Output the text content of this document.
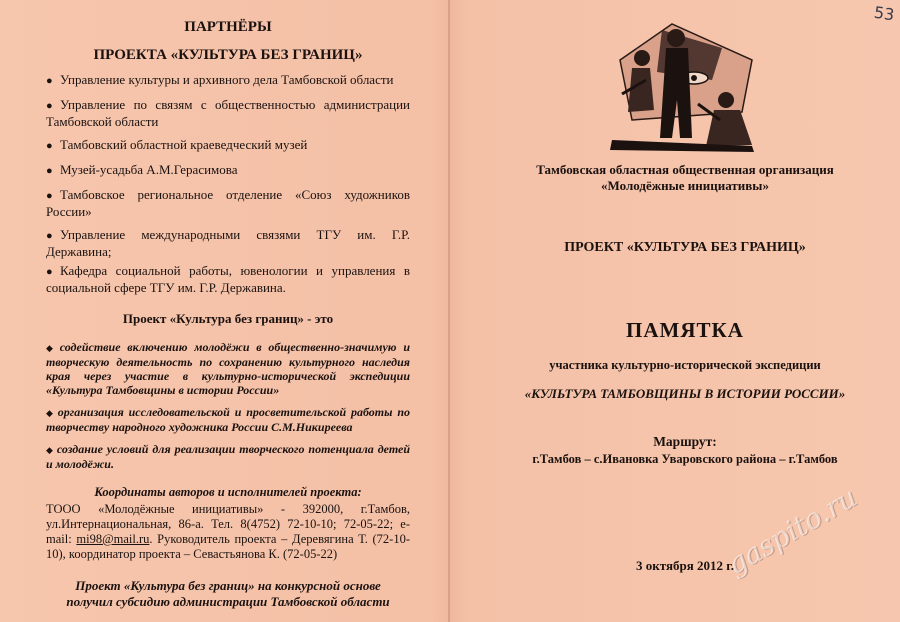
53
ПАРТНЁРЫ
ПРОЕКТА «КУЛЬТУРА БЕЗ ГРАНИЦ»
● Управление культуры и архивного дела Тамбовской области
● Управление по связям с общественностью администрации Тамбовской области
● Тамбовский областной краеведческий музей
● Музей-усадьба А.М.Герасимова
● Тамбовское региональное отделение «Союз художников России»
● Управление международными связями ТГУ им. Г.Р. Державина;
● Кафедра социальной работы, ювенологии и управления в социальной сфере ТГУ им. Г.Р. Державина.
Проект «Культура без границ» - это

◆ содействие включению молодёжи в общественно-значимую и творческую деятельность по сохранению культурного наследия края через участие в культурно-исторической экспедиции «Культура Тамбовщины в истории России»

◆ организация исследовательской и просветительской работы по творчеству народного художника России С.М.Никиреева

◆ создание условий для реализации творческого потенциала детей и молодёжи.

Координаты авторов и исполнителей проекта:

ТООО «Молодёжные инициативы» - 392000, г.Тамбов, ул.Интернациональная, 86-а. Тел. 8(4752) 72-10-10; 72-05-22; e-mail: mi98@mail.ru. Руководитель проекта – Деревягина Т. (72-10-10), координатор проекта – Севастьянова К. (72-05-22)

Проект «Культура без границ» на конкурсной основе
получил субсидию администрации Тамбовской области
Тамбовская областная общественная организация
«Молодёжные инициативы»
ПРОЕКТ «КУЛЬТУРА БЕЗ ГРАНИЦ»
ПАМЯТКА
участника культурно-исторической экспедиции
«КУЛЬТУРА ТАМБОВЩИНЫ В ИСТОРИИ РОССИИ»
Маршрут:
г.Тамбов – с.Ивановка Уваровского района – г.Тамбов
3 октября 2012 г.
gaspito.ru
